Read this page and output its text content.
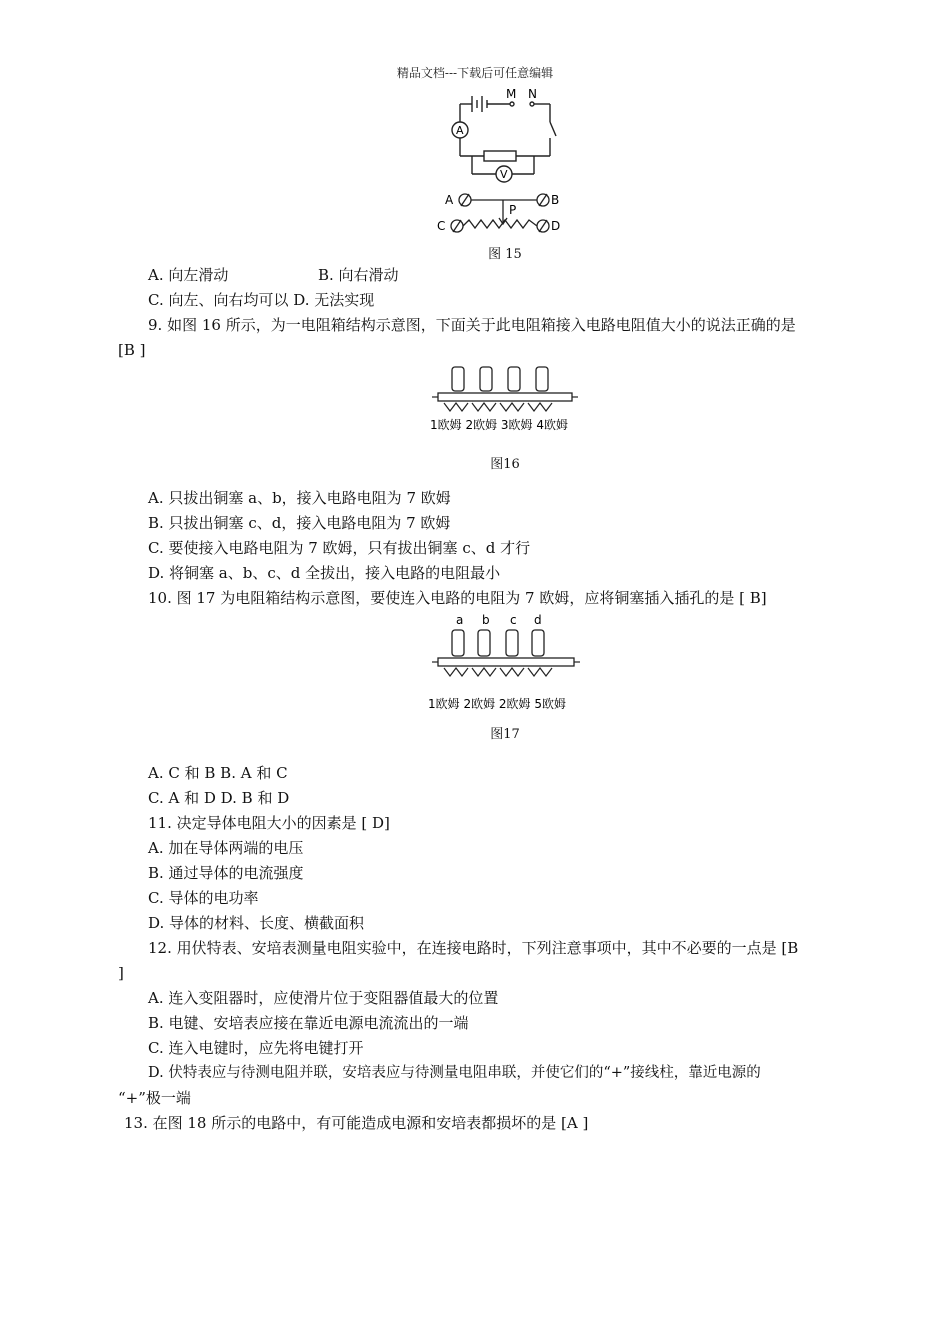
精品文档---下载后可任意编辑
M N
A
V
A	B
C	D
P
图 15
A. 向左滑动	B. 向右滑动
C. 向左、向右均可以 D. 无法实现
9. 如图 16 所示，为一电阻箱结构示意图，下面关于此电阻箱接入电路电阻值大小的说法正确的是
[B ]
1欧姆 2欧姆 3欧姆 4欧姆
图16
A. 只拔出铜塞 a、b，接入电路电阻为 7 欧姆
B. 只拔出铜塞 c、d，接入电路电阻为 7 欧姆
C. 要使接入电路电阻为 7 欧姆，只有拔出铜塞 c、d 才行
D. 将铜塞 a、b、c、d 全拔出，接入电路的电阻最小
10. 图 17 为电阻箱结构示意图，要使连入电路的电阻为 7 欧姆，应将铜塞插入插孔的是 [ B]
a b c d
1欧姆 2欧姆 2欧姆 5欧姆
图17
A. C 和 B B. A 和 C
C. A 和 D D. B 和 D
11. 决定导体电阻大小的因素是 [ D]
A. 加在导体两端的电压
B. 通过导体的电流强度
C. 导体的电功率
D. 导体的材料、长度、横截面积
12. 用伏特表、安培表测量电阻实验中，在连接电路时，下列注意事项中，其中不必要的一点是 [B
]
A. 连入变阻器时，应使滑片位于变阻器值最大的位置
B. 电键、安培表应接在靠近电源电流流出的一端
C. 连入电键时，应先将电键打开
D. 伏特表应与待测电阻并联，安培表应与待测量电阻串联，并使它们的“+”接线柱，靠近电源的
“+”极一端
13. 在图 18 所示的电路中，有可能造成电源和安培表都损坏的是 [A ]
